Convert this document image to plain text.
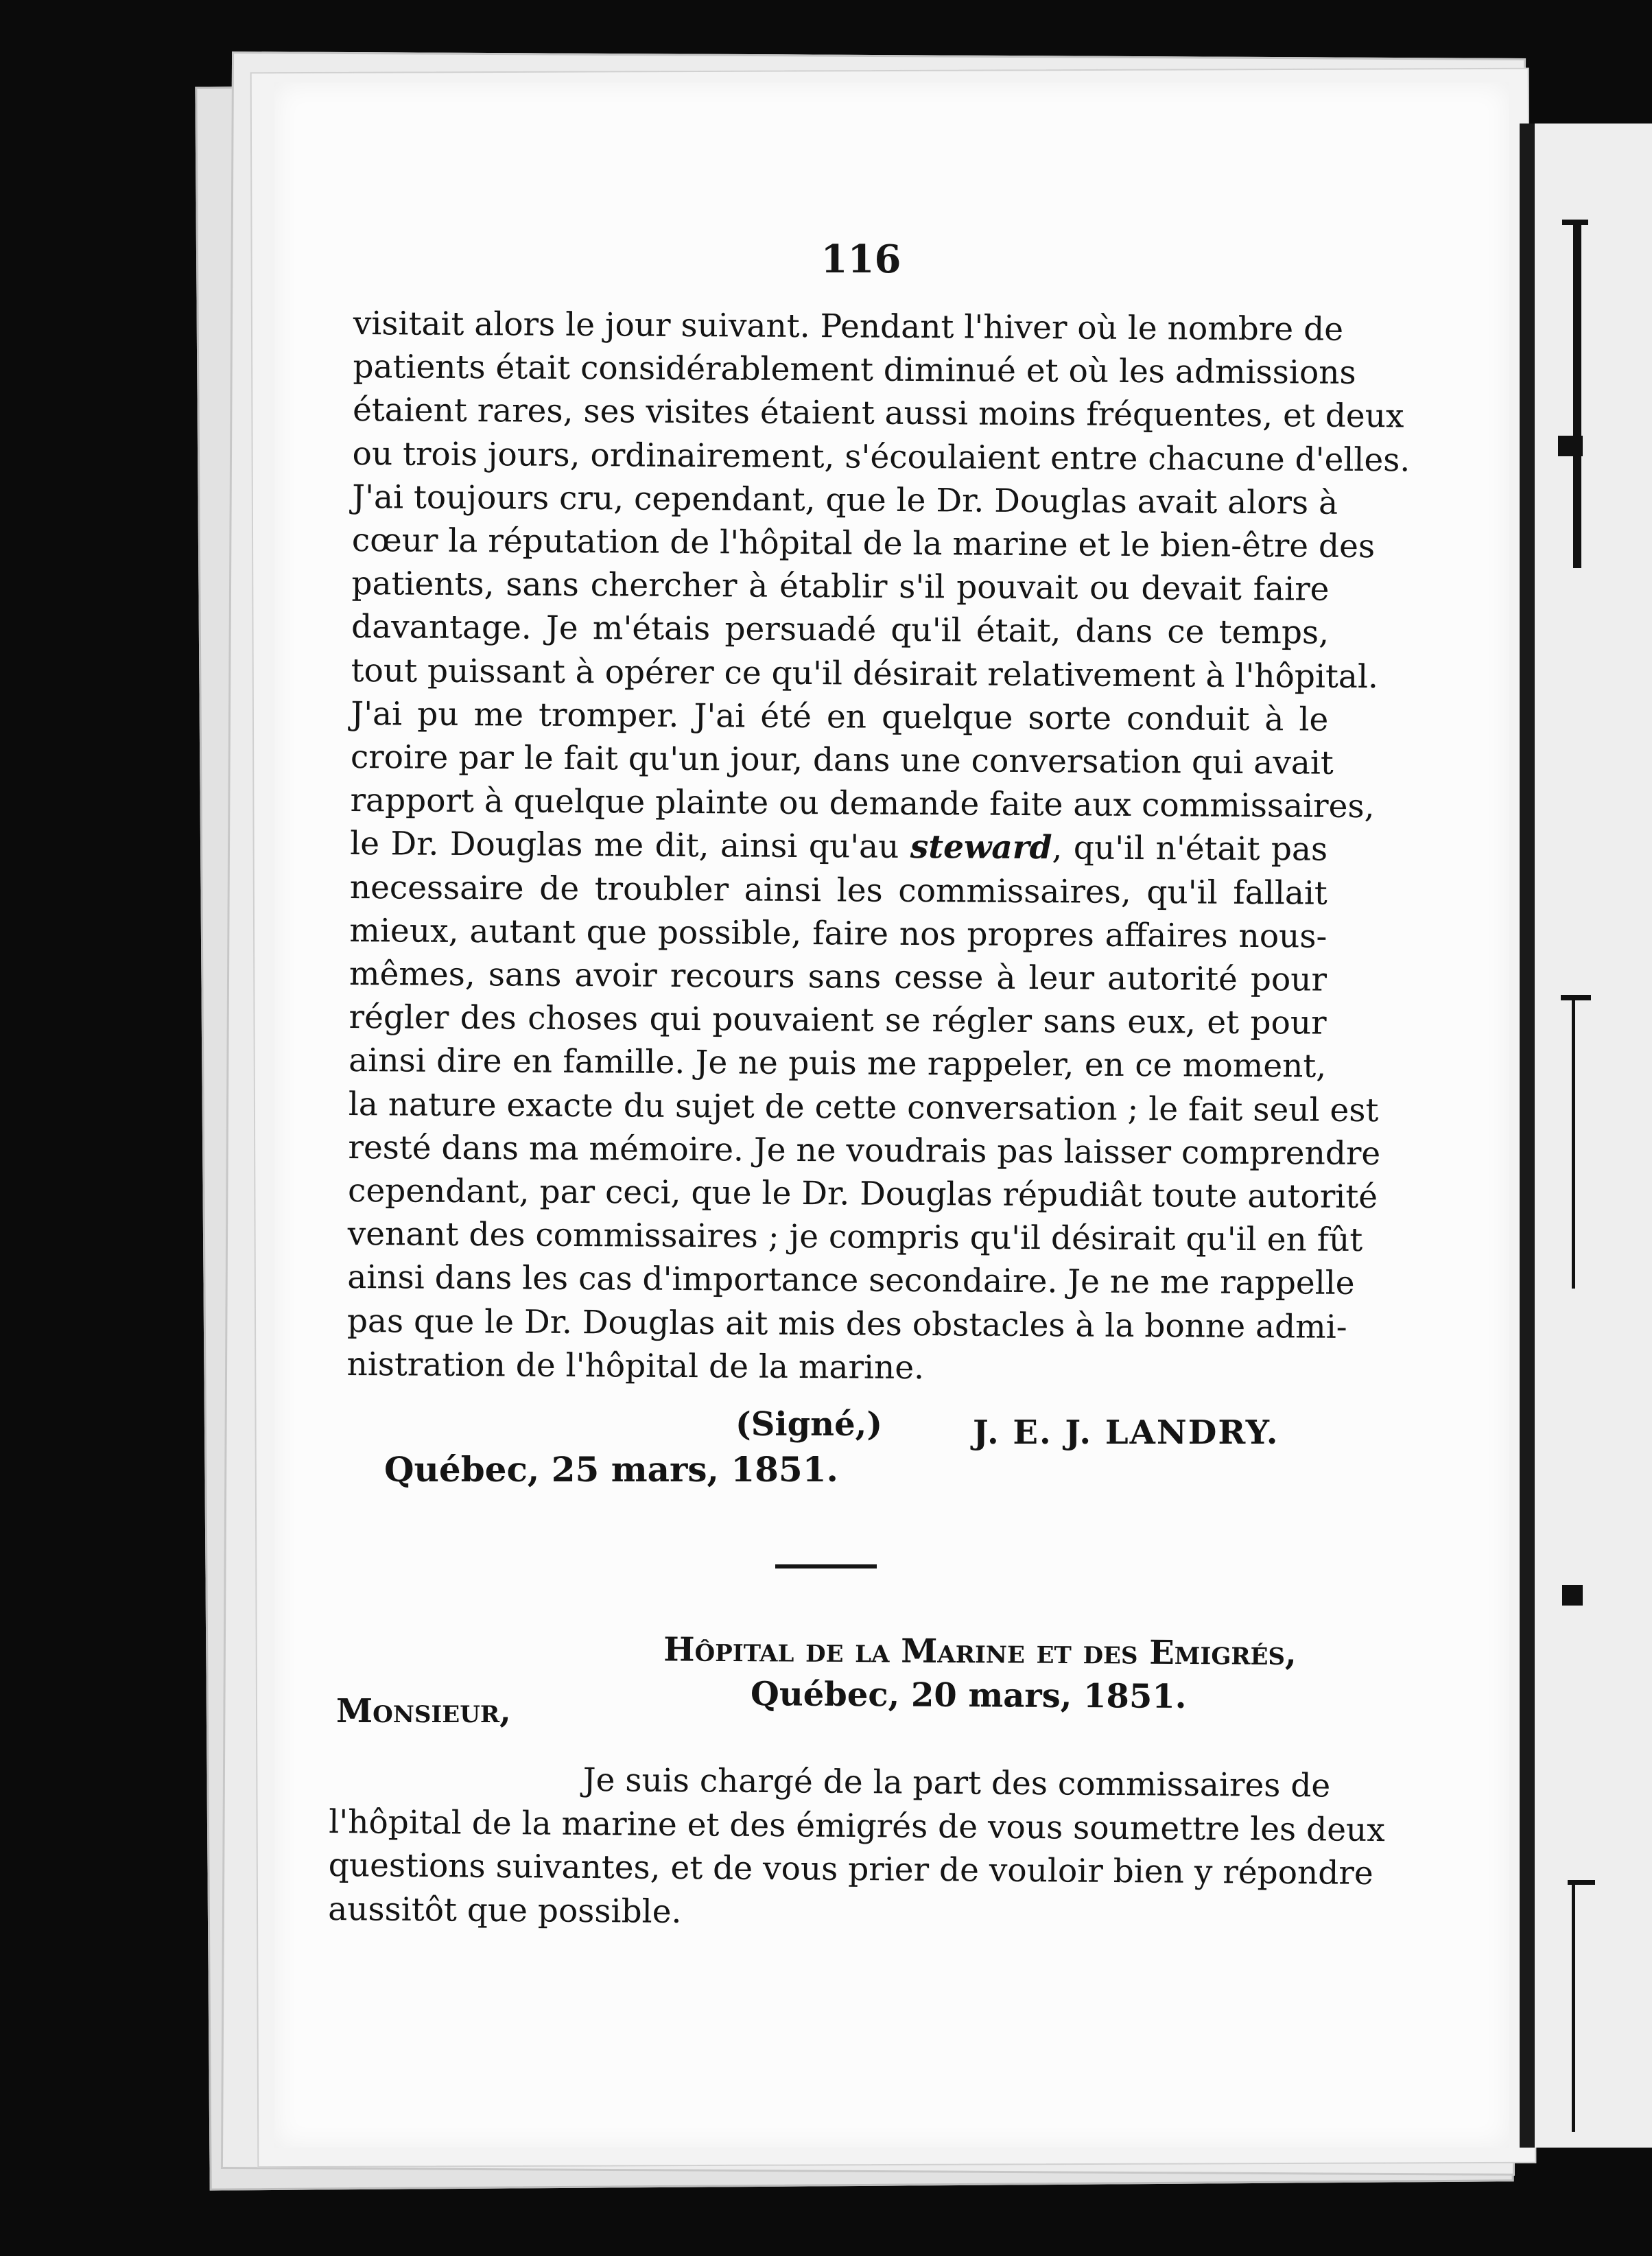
116
visitait alors le jour suivant. Pendant l'hiver où le nombre de
patients était considérablement diminué et où les admissions
étaient rares, ses visites étaient aussi moins fréquentes, et deux
ou trois jours, ordinairement, s'écoulaient entre chacune d'elles.
J'ai toujours cru, cependant, que le Dr. Douglas avait alors à
cœur la réputation de l'hôpital de la marine et le bien-être des
patients, sans chercher à établir s'il pouvait ou devait faire
davantage. Je m'étais persuadé qu'il était, dans ce temps,
tout puissant à opérer ce qu'il désirait relativement à l'hôpital.
J'ai pu me tromper. J'ai été en quelque sorte conduit à le
croire par le fait qu'un jour, dans une conversation qui avait
rapport à quelque plainte ou demande faite aux commissaires,
le Dr. Douglas me dit, ainsi qu'au steward, qu'il n'était pas
necessaire de troubler ainsi les commissaires, qu'il fallait
mieux, autant que possible, faire nos propres affaires nous-
mêmes, sans avoir recours sans cesse à leur autorité pour
régler des choses qui pouvaient se régler sans eux, et pour
ainsi dire en famille. Je ne puis me rappeler, en ce moment,
la nature exacte du sujet de cette conversation ; le fait seul est
resté dans ma mémoire. Je ne voudrais pas laisser comprendre
cependant, par ceci, que le Dr. Douglas répudiât toute autorité
venant des commissaires ; je compris qu'il désirait qu'il en fût
ainsi dans les cas d'importance secondaire. Je ne me rappelle
pas que le Dr. Douglas ait mis des obstacles à la bonne admi-
nistration de l'hôpital de la marine.
(Signé,)	J. E. J. LANDRY.
Québec, 25 mars, 1851.
Hôpital de la Marine et des Emigrés,
Québec, 20 mars, 1851.
Monsieur,
Je suis chargé de la part des commissaires de
l'hôpital de la marine et des émigrés de vous soumettre les deux
questions suivantes, et de vous prier de vouloir bien y répondre
aussitôt que possible.
